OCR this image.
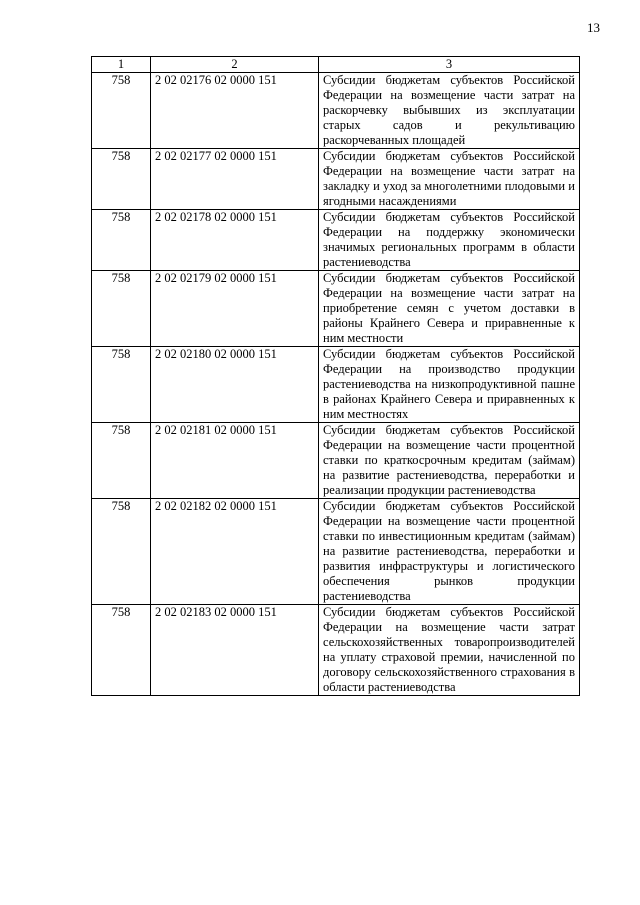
13
1	2	3
758	2 02 02176 02 0000 151	Субсидии бюджетам субъектов Российской Федерации на возмещение части затрат на раскорчевку выбывших из эксплуатации старых садов и рекультивацию раскорчеванных площадей
758	2 02 02177 02 0000 151	Субсидии бюджетам субъектов Российской Федерации на возмещение части затрат на закладку и уход за многолетними плодовыми и ягодными насаждениями
758	2 02 02178 02 0000 151	Субсидии бюджетам субъектов Российской Федерации на поддержку экономически значимых региональных программ в области растениеводства
758	2 02 02179 02 0000 151	Субсидии бюджетам субъектов Российской Федерации на возмещение части затрат на приобретение семян с учетом доставки в районы Крайнего Севера и приравненные к ним местности
758	2 02 02180 02 0000 151	Субсидии бюджетам субъектов Российской Федерации на производство продукции растениеводства на низкопродуктивной пашне в районах Крайнего Севера и приравненных к ним местностях
758	2 02 02181 02 0000 151	Субсидии бюджетам субъектов Российской Федерации на возмещение части процентной ставки по краткосрочным кредитам (займам) на развитие растениеводства, переработки и реализации продукции растениеводства
758	2 02 02182 02 0000 151	Субсидии бюджетам субъектов Российской Федерации на возмещение части процентной ставки по инвестиционным кредитам (займам) на развитие растениеводства, переработки и развития инфраструктуры и логистического обеспечения рынков продукции растениеводства
758	2 02 02183 02 0000 151	Субсидии бюджетам субъектов Российской Федерации на возмещение части затрат сельскохозяйственных товаропроизводителей на уплату страховой премии, начисленной по договору сельскохозяйственного страхования в области растениеводства
